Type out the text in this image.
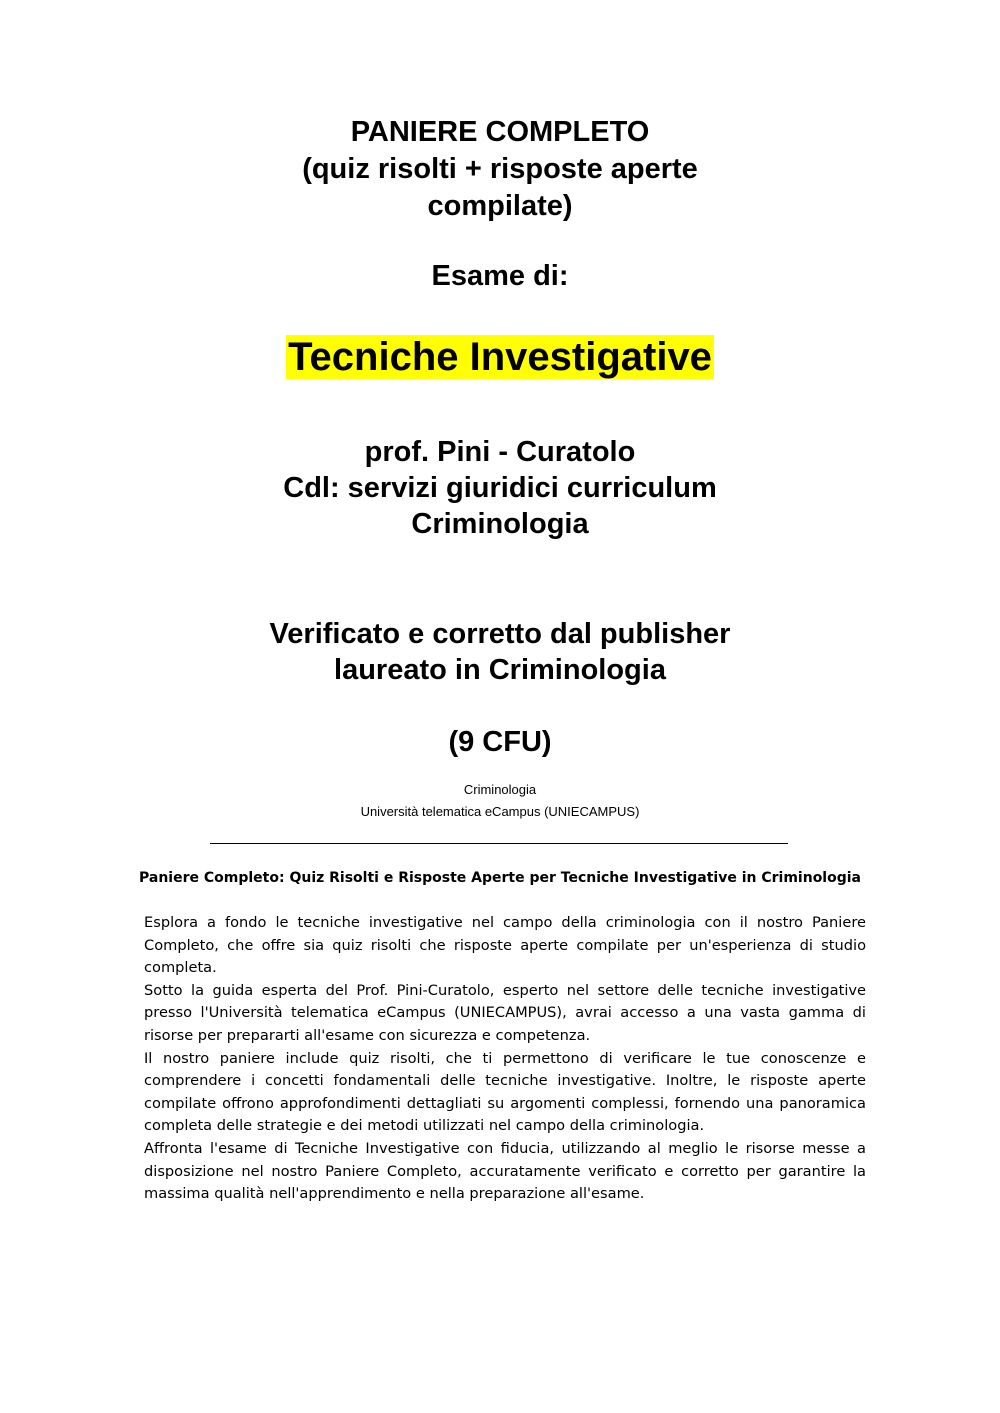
PANIERE COMPLETO
(quiz risolti + risposte aperte
compilate)
Esame di:
Tecniche Investigative
prof. Pini - Curatolo
Cdl: servizi giuridici curriculum
Criminologia
Verificato e corretto dal publisher
laureato in Criminologia
(9 CFU)
Criminologia
Università telematica eCampus (UNIECAMPUS)
Paniere Completo: Quiz Risolti e Risposte Aperte per Tecniche Investigative in Criminologia

Esplora a fondo le tecniche investigative nel campo della criminologia con il nostro Paniere Completo, che offre sia quiz risolti che risposte aperte compilate per un'esperienza di studio completa.

Sotto la guida esperta del Prof. Pini-Curatolo, esperto nel settore delle tecniche investigative presso l'Università telematica eCampus (UNIECAMPUS), avrai accesso a una vasta gamma di risorse per prepararti all'esame con sicurezza e competenza.

Il nostro paniere include quiz risolti, che ti permettono di verificare le tue conoscenze e comprendere i concetti fondamentali delle tecniche investigative. Inoltre, le risposte aperte compilate offrono approfondimenti dettagliati su argomenti complessi, fornendo una panoramica completa delle strategie e dei metodi utilizzati nel campo della criminologia.

Affronta l'esame di Tecniche Investigative con fiducia, utilizzando al meglio le risorse messe a disposizione nel nostro Paniere Completo, accuratamente verificato e corretto per garantire la massima qualità nell'apprendimento e nella preparazione all'esame.
